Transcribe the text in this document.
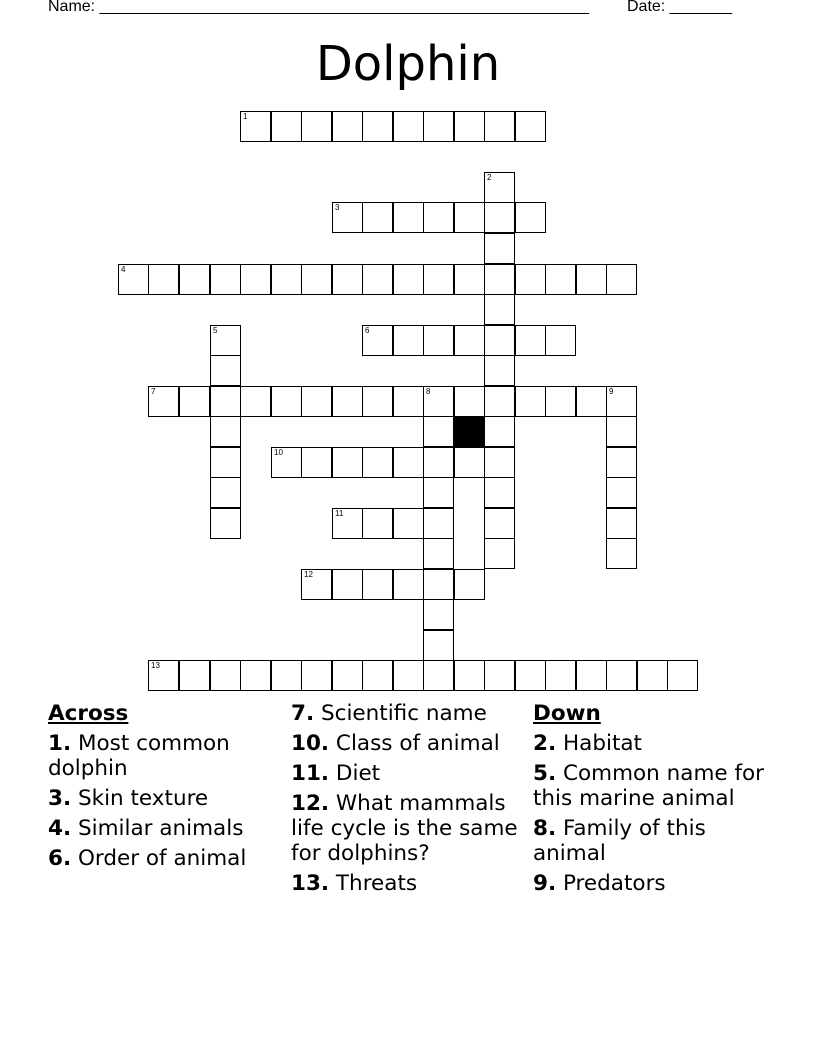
Name: _______________________________________________________ Date: _______
Dolphin
1
2
3
4
5	6
7	8	9
10
11
12
13
Across
1. Most common dolphin
3. Skin texture
4. Similar animals
6. Order of animal
7. Scientific name
10. Class of animal
11. Diet
12. What mammals life cycle is the same for dolphins?
13. Threats
Down
2. Habitat
5. Common name for this marine animal
8. Family of this animal
9. Predators
